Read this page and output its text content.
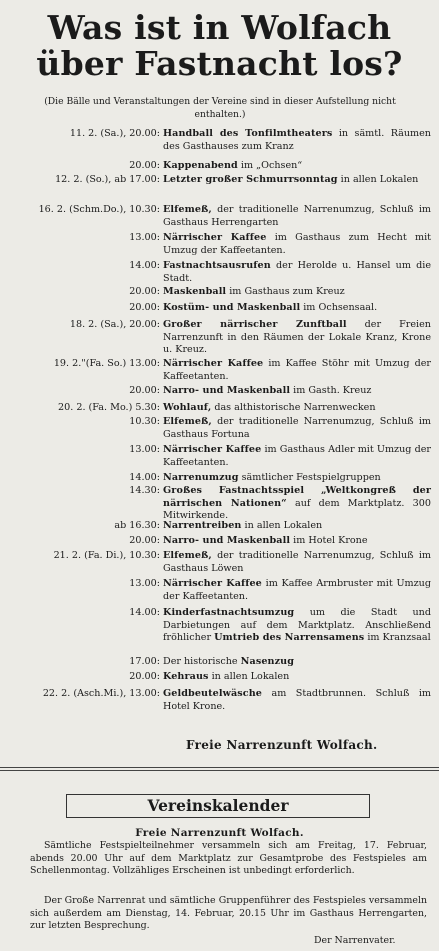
Was ist in Wolfach
über Fastnacht los?
(Die Bälle und Veranstaltungen der Vereine sind in dieser Aufstellung nicht enthalten.)
11. 2. (Sa.), 20.00: Handball des Tonfilmtheaters in sämtl. Räumen des Gasthauses zum Kranz
20.00: Kappenabend im „Ochsen“
12. 2. (So.), ab 17.00: Letzter großer Schmurrsonntag in allen Lokalen
16. 2. (Schm.Do.), 10.30: Elfemeß, der traditionelle Narrenumzug, Schluß im Gasthaus Herrengarten
13.00: Närrischer Kaffee im Gasthaus zum Hecht mit Umzug der Kaffeetanten.
14.00: Fastnachtsausrufen der Herolde u. Hansel um die Stadt.
20.00: Maskenball im Gasthaus zum Kreuz
20.00: Kostüm- und Maskenball im Ochsensaal.
18. 2. (Sa.), 20.00: Großer närrischer Zunftball der Freien Narrenzunft in den Räumen der Lokale Kranz, Krone u. Kreuz.
19. 2."(Fa. So.) 13.00: Närrischer Kaffee im Kaffee Stöhr mit Umzug der Kaffeetanten.
20.00: Narro- und Maskenball im Gasth. Kreuz
20. 2. (Fa. Mo.) 5.30: Wohlauf, das althistorische Narrenwecken
10.30: Elfemeß, der traditionelle Narrenumzug, Schluß im Gasthaus Fortuna
13.00: Närrischer Kaffee im Gasthaus Adler mit Umzug der Kaffeetanten.
14.00: Narrenumzug sämtlicher Festspielgruppen
14.30: Großes Fastnachtsspiel „Weltkongreß der närrischen Nationen“ auf dem Marktplatz. 300 Mitwirkende.
ab 16.30: Narrentreiben in allen Lokalen
20.00: Narro- und Maskenball im Hotel Krone
21. 2. (Fa. Di.), 10.30: Elfemeß, der traditionelle Narrenumzug, Schluß im Gasthaus Löwen
13.00: Närrischer Kaffee im Kaffee Armbruster mit Umzug der Kaffeetanten.
14.00: Kinderfastnachtsumzug um die Stadt und Darbietungen auf dem Marktplatz. Anschließend fröhlicher Umtrieb des Narrensamens im Kranzsaal
17.00: Der historische Nasenzug
20.00: Kehraus in allen Lokalen
22. 2. (Asch.Mi.), 13.00: Geldbeutelwäsche am Stadtbrunnen. Schluß im Hotel Krone.
Freie Narrenzunft Wolfach.
Vereinskalender
Freie Narrenzunft Wolfach.
Sämtliche Festspielteilnehmer versammeln sich am Freitag, 17. Februar, abends 20.00 Uhr auf dem Marktplatz zur Gesamtprobe des Festspieles am Schellenmontag. Vollzähliges Erscheinen ist unbedingt erforderlich.
Der Große Narrenrat und sämtliche Gruppenführer des Festspieles versammeln sich außerdem am Dienstag, 14. Februar, 20.15 Uhr im Gasthaus Herrengarten, zur letzten Besprechung.
Der Narrenvater.
